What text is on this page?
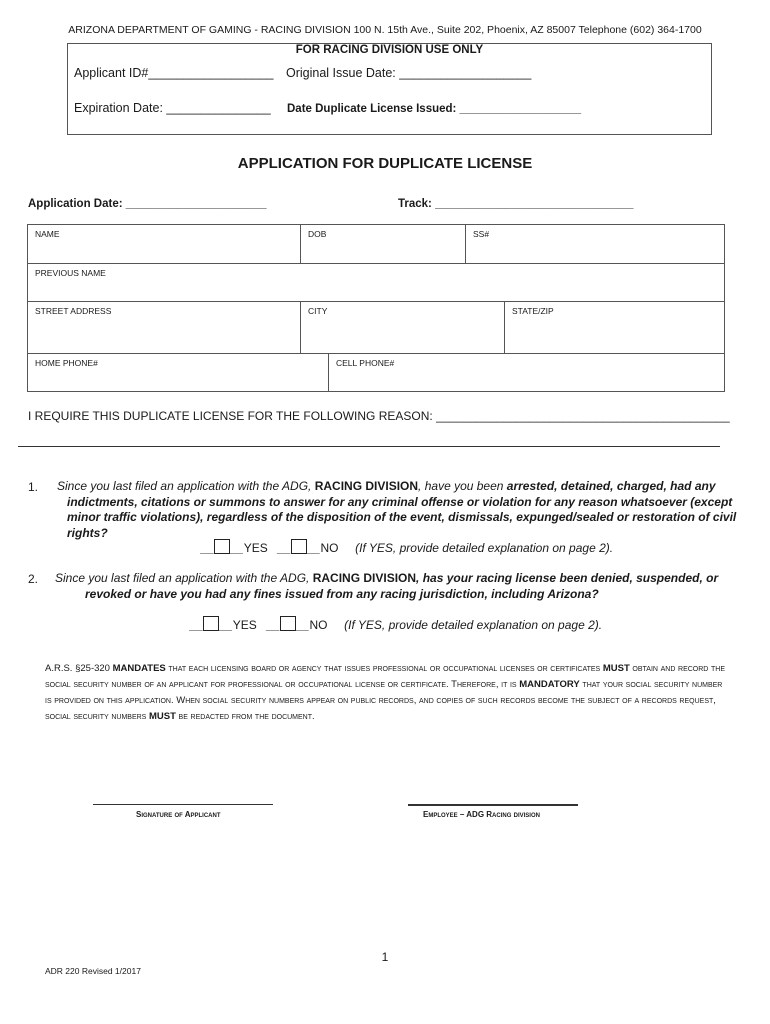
ARIZONA DEPARTMENT OF GAMING - RACING DIVISION 100 N. 15th Ave., Suite 202, Phoenix, AZ 85007 Telephone (602) 364-1700
FOR RACING DIVISION USE ONLY
Applicant ID#__________________ Original Issue Date: ___________________
Expiration Date: _______________ Date Duplicate License Issued: ___________________
APPLICATION FOR DUPLICATE LICENSE
Application Date: ______________________	Track: _______________________________
NAME	DOB	SS#
PREVIOUS NAME
STREET ADDRESS	CITY	STATE/ZIP
HOME PHONE#	CELL PHONE#
I REQUIRE THIS DUPLICATE LICENSE FOR THE FOLLOWING REASON: ____________________________________________
1. Since you last filed an application with the ADG, RACING DIVISION, have you been arrested, detained, charged, had any
indictments, citations or summons to answer for any criminal offense or violation for any reason whatsoever (except
minor traffic violations), regardless of the disposition of the event, dismissals, expunged/sealed or restoration of civil
rights?
__ __YES   __ __NO (If YES, provide detailed explanation on page 2).
2. Since you last filed an application with the ADG, RACING DIVISION, has your racing license been denied, suspended, or
revoked or have you had any fines issued from any racing jurisdiction, including Arizona?
__ __YES   __ __NO (If YES, provide detailed explanation on page 2).
A.R.S. §25-320 MANDATES that each licensing board or agency that issues professional or occupational licenses or certificates MUST obtain and record the social security number of an applicant for professional or occupational license or certificate. Therefore, it is MANDATORY that your social security number is provided on this application. When social security numbers appear on public records, and copies of such records become the subject of a records request, social security numbers MUST be redacted from the document.
Signature of Applicant	Employee – ADG Racing division
1
ADR 220 Revised 1/2017
